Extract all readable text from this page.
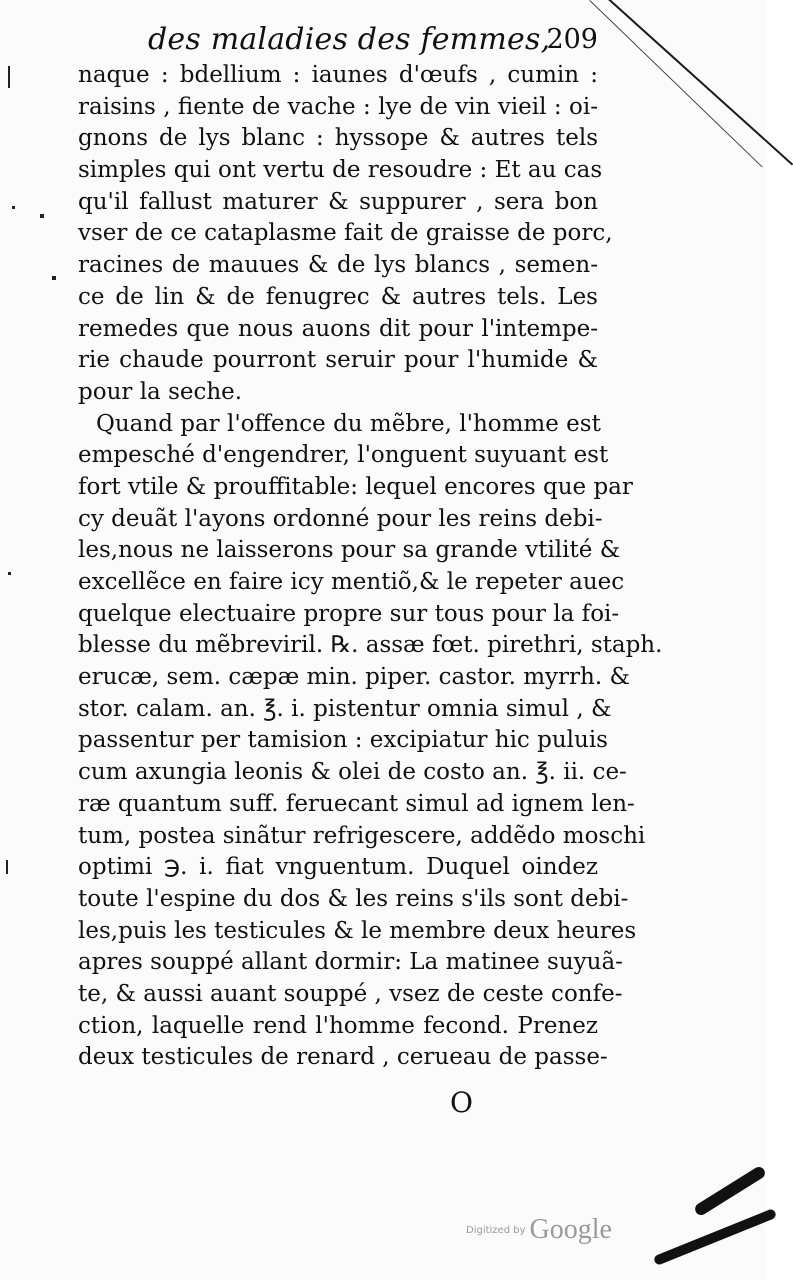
des maladies des femmes,
209
naque : bdellium : iaunes d'œufs , cumin :
raisins , fiente de vache : lye de vin vieil : oi-
gnons de lys blanc : hyssope & autres tels
simples qui ont vertu de resoudre : Et au cas
qu'il fallust maturer & suppurer , sera bon
vser de ce cataplasme fait de graisse de porc,
racines de mauues & de lys blancs , semen-
ce de lin & de fenugrec & autres tels. Les
remedes que nous auons dit pour l'intempe-
rie chaude pourront seruir pour l'humide &
pour la seche.
Quand par l'offence du mẽbre, l'homme est
empesché d'engendrer, l'onguent suyuant est
fort vtile & prouffitable: lequel encores que par
cy deuãt l'ayons ordonné pour les reins debi-
les,nous ne laisserons pour sa grande vtilité &
excellẽce en faire icy mentiõ,& le repeter auec
quelque electuaire propre sur tous pour la foi-
blesse du mẽbreviril. ℞. assæ fœt. pirethri, staph.
erucæ, sem. cæpæ min. piper. castor. myrrh. &
stor. calam. an. ℥. i. pistentur omnia simul , &
passentur per tamision : excipiatur hic puluis
cum axungia leonis & olei de costo an. ℥. ii. ce-
ræ quantum suff. feruecant simul ad ignem len-
tum, postea sinãtur refrigescere, addẽdo moschi
optimi ℈. i. fiat vnguentum. Duquel oindez
toute l'espine du dos & les reins s'ils sont debi-
les,puis les testicules & le membre deux heures
apres souppé allant dormir: La matinee suyuã-
te, & aussi auant souppé , vsez de ceste confe-
ction, laquelle rend l'homme fecond. Prenez
deux testicules de renard , cerueau de passe-
O
Digitized by Google
